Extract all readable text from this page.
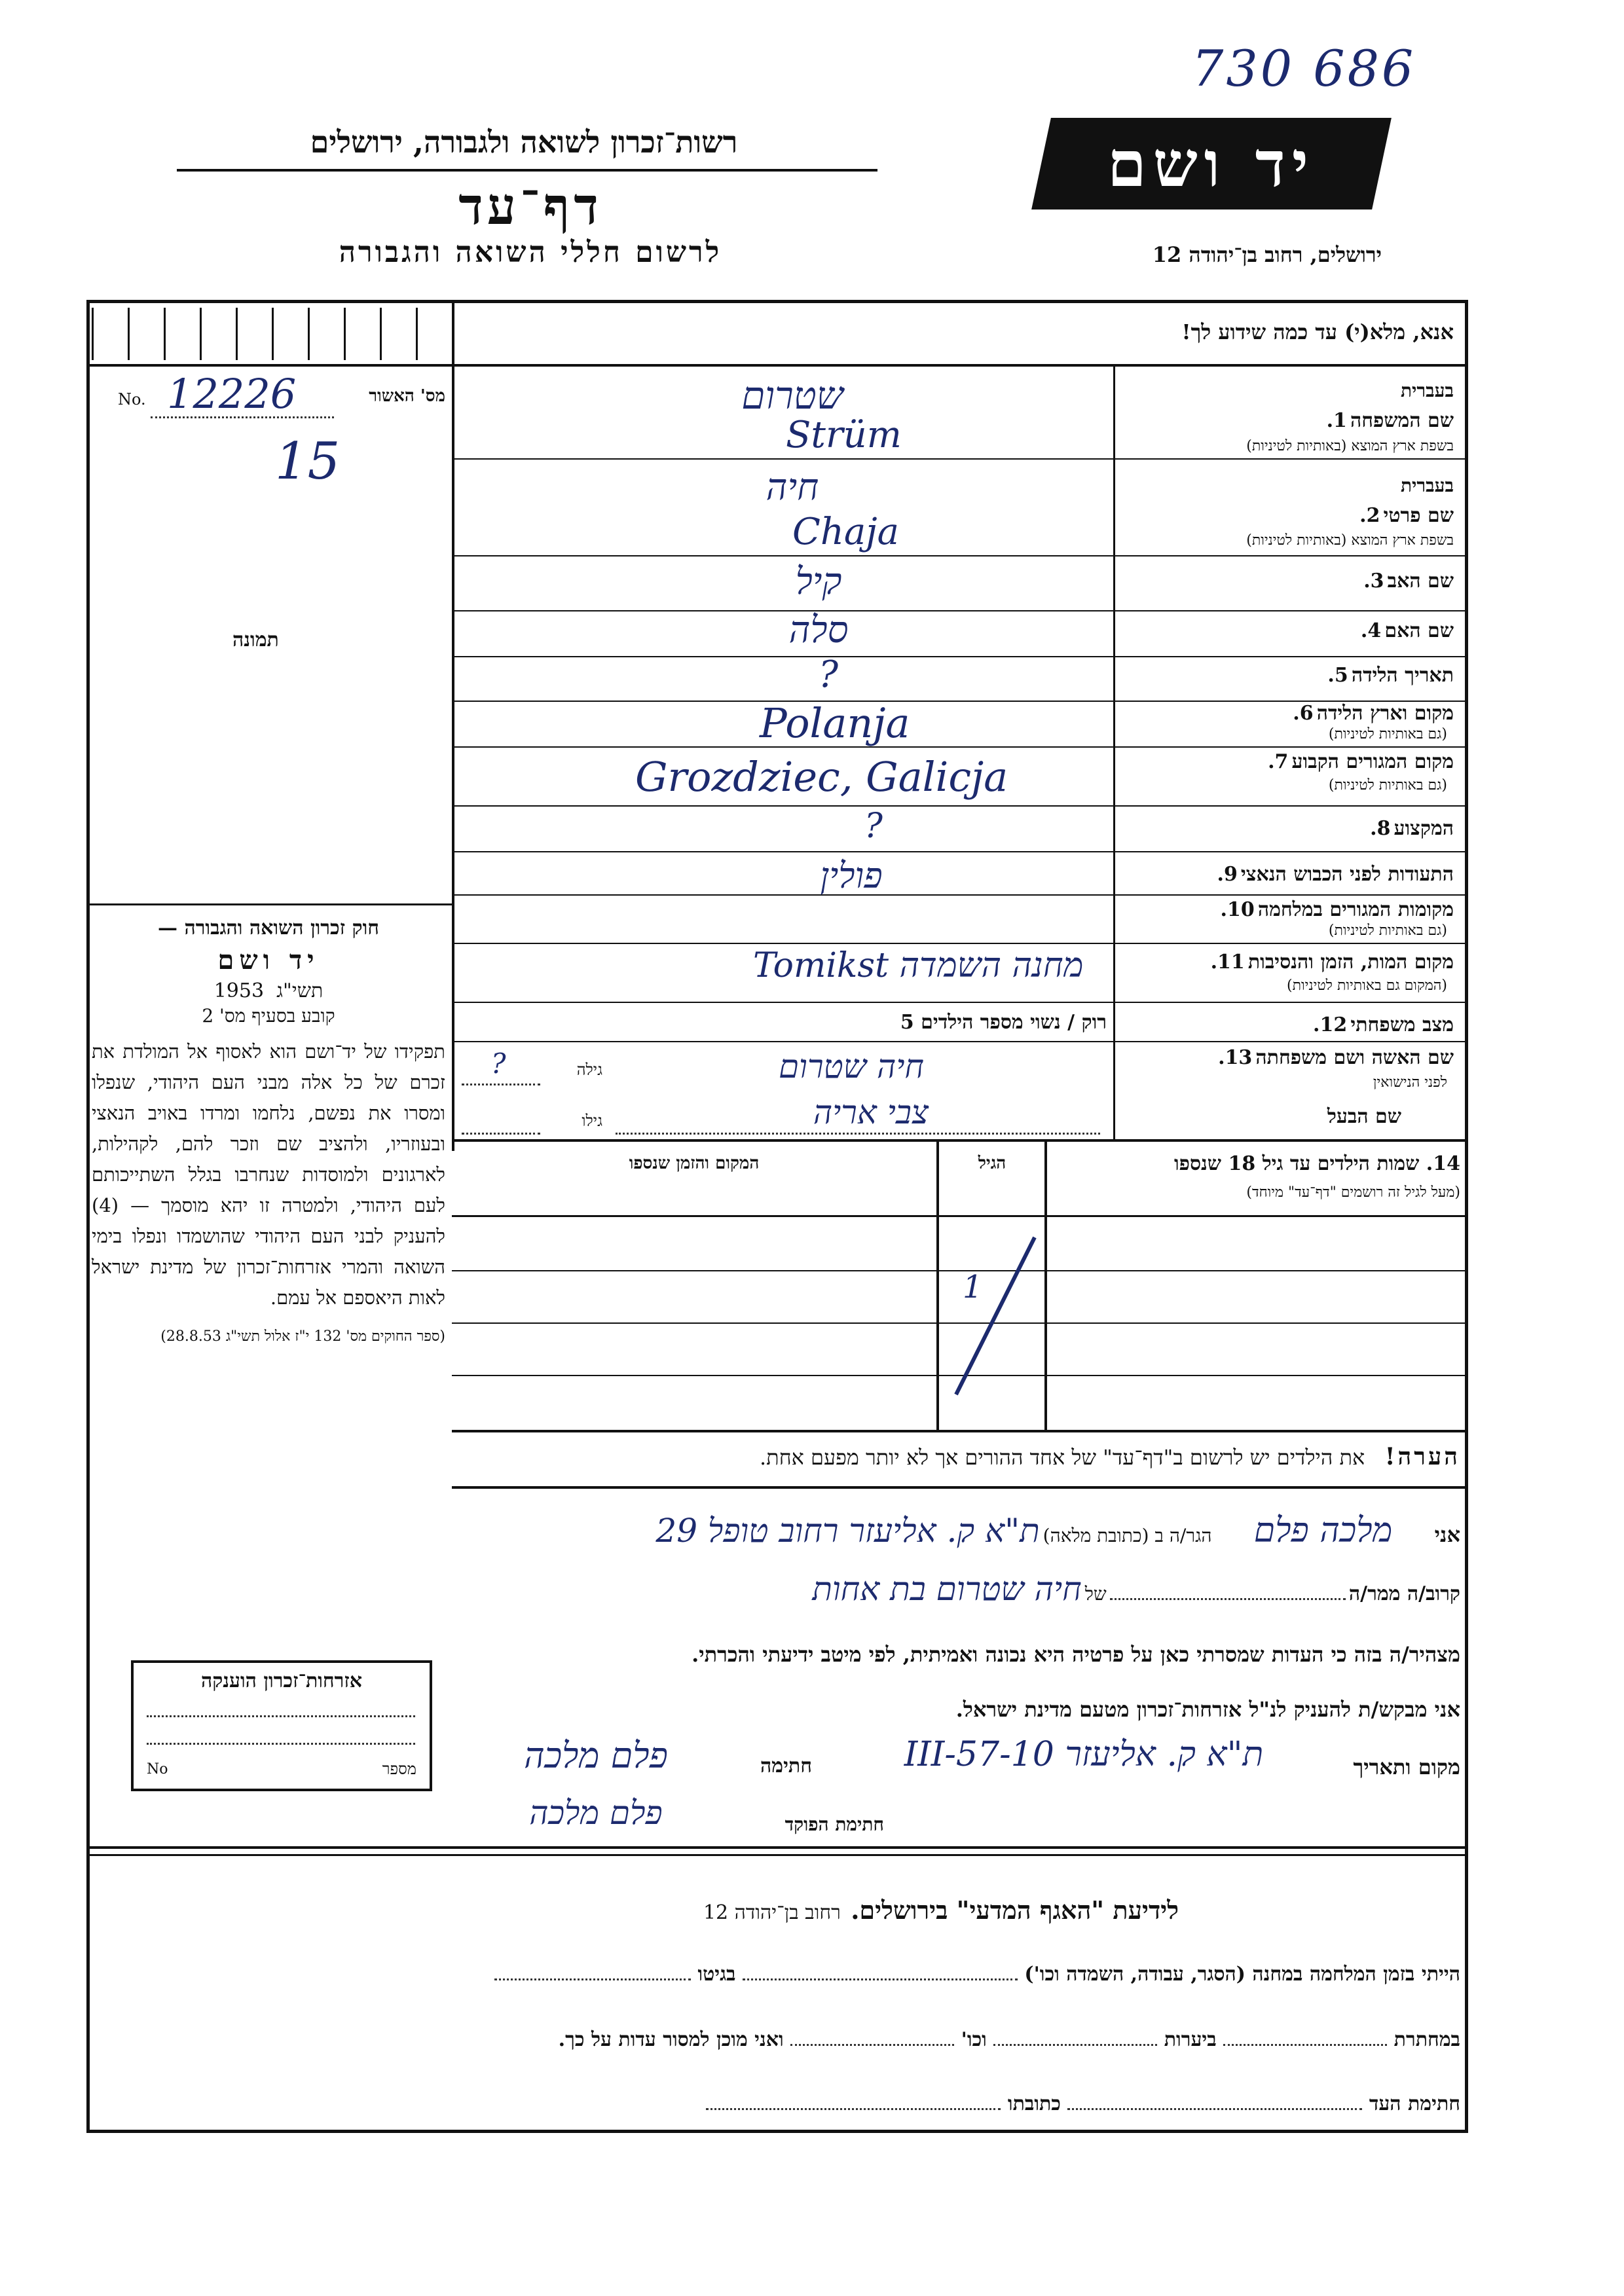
730 686
רשות־זכרון לשואה ולגבורה, ירושלים
דף־עד
לרשום חללי השואה והגבורה
יד ושם
ירושלים, רחוב בן־יהודה 12
אנא, מלא(י) עד כמה שידוע לך!
מס' האשור
No. 12226
15
תמונה
בעברית
שם המשפחה 1.
בשפת ארץ המוצא (באותיות לטיניות)
שטרום
Strüm
בעברית
שם פרטי 2.
בשפת ארץ המוצא (באותיות לטיניות)
חיה
Chaja
שם האב 3.
קיל
שם האם 4.
סלה
תאריך הלידה 5.
?
מקום וארץ הלידה 6.
(גם באותיות לטיניות)
Polanja
מקום המגורים הקבוע 7.
(גם באותיות לטיניות)
Grozdziec, Galicja
המקצוע 8.
?
התעודות לפני הכבוש הנאצי 9.
פולין
מקומות המגורים במלחמה 10.
(גם באותיות לטיניות)
מקום המות, הזמן והנסיבות 11.
(המקום גם באותיות לטיניות)
Tomikst מחנה השמדה
מצב משפחתי 12.
רוק / נשוי מספר הילדים 5
שם האשה ושם משפחתה 13.
לפני הנישואין
חיה שטרום
גילה
?
שם הבעל
צבי אריה
גילו
14. שמות הילדים עד גיל 18 שנספו
(מעל לגיל זה רושמים "דף־עד" מיוחד)
הגיל
המקום והזמן שנספו
1

חוק זכרון השואה והגבורה —

יד ושם

תשי"ג  1953

קובע בסעיף מס' 2

תפקידו של יד־ושם הוא לאסוף אל המולדת את זכרם של כל אלה מבני העם היהודי, שנפלו ומסרו את נפשם, נלחמו ומרדו באויב הנאצי ובעוזריו, ולהציב שם וזכר להם, לקהילות, לארגונים ולמוסדות שנחרבו בגלל השתייכותם לעם היהודי, ולמטרה זו יהא מוסמך — (4) להעניק לבני העם היהודי שהושמדו ונפלו בימי השואה והמרי אזרחות־זכרון של מדינת ישראל לאות היאספם אל עמם.

(ספר החוקים מס' 132 י"ז אלול תשי"ג 28.8.53)

הערה!   את הילדים יש לרשום ב"דף־עד" של אחד ההורים אך לא יותר מפעם אחת.
אני מלכה פלם הגר/ה ב (כתובת מלאה) ת"א ק. אליעזר רחוב טופל 29
קרוב/ה ממר/ה  של חיה שטרום בת אחות
מצהיר/ה בזה כי העדות שמסרתי כאן על פרטיה היא נכונה ואמיתית, לפי מיטב ידיעתי והכרתי.
אני מבקש/ת להעניק לנ"ל אזרחות־זכרון מטעם מדינת ישראל.
מקום ותאריך
ת"א ק. אליעזר 10-III-57
חתימה
פלם מלכה
חתימת הפוקד
פלם מלכה
אזרחות־זכרון הוענקה
No	מספר
לידיעת "האגף המדעי" בירושלים.   רחוב בן־יהודה 12
הייתי בזמן המלחמה במחנה (הסגר, עבודה, השמדה וכו')  בגיטו
במחתרת  ביערות  וכו'  ואני מוכן למסור עדות על כך.
חתימת העד  כתובתו
